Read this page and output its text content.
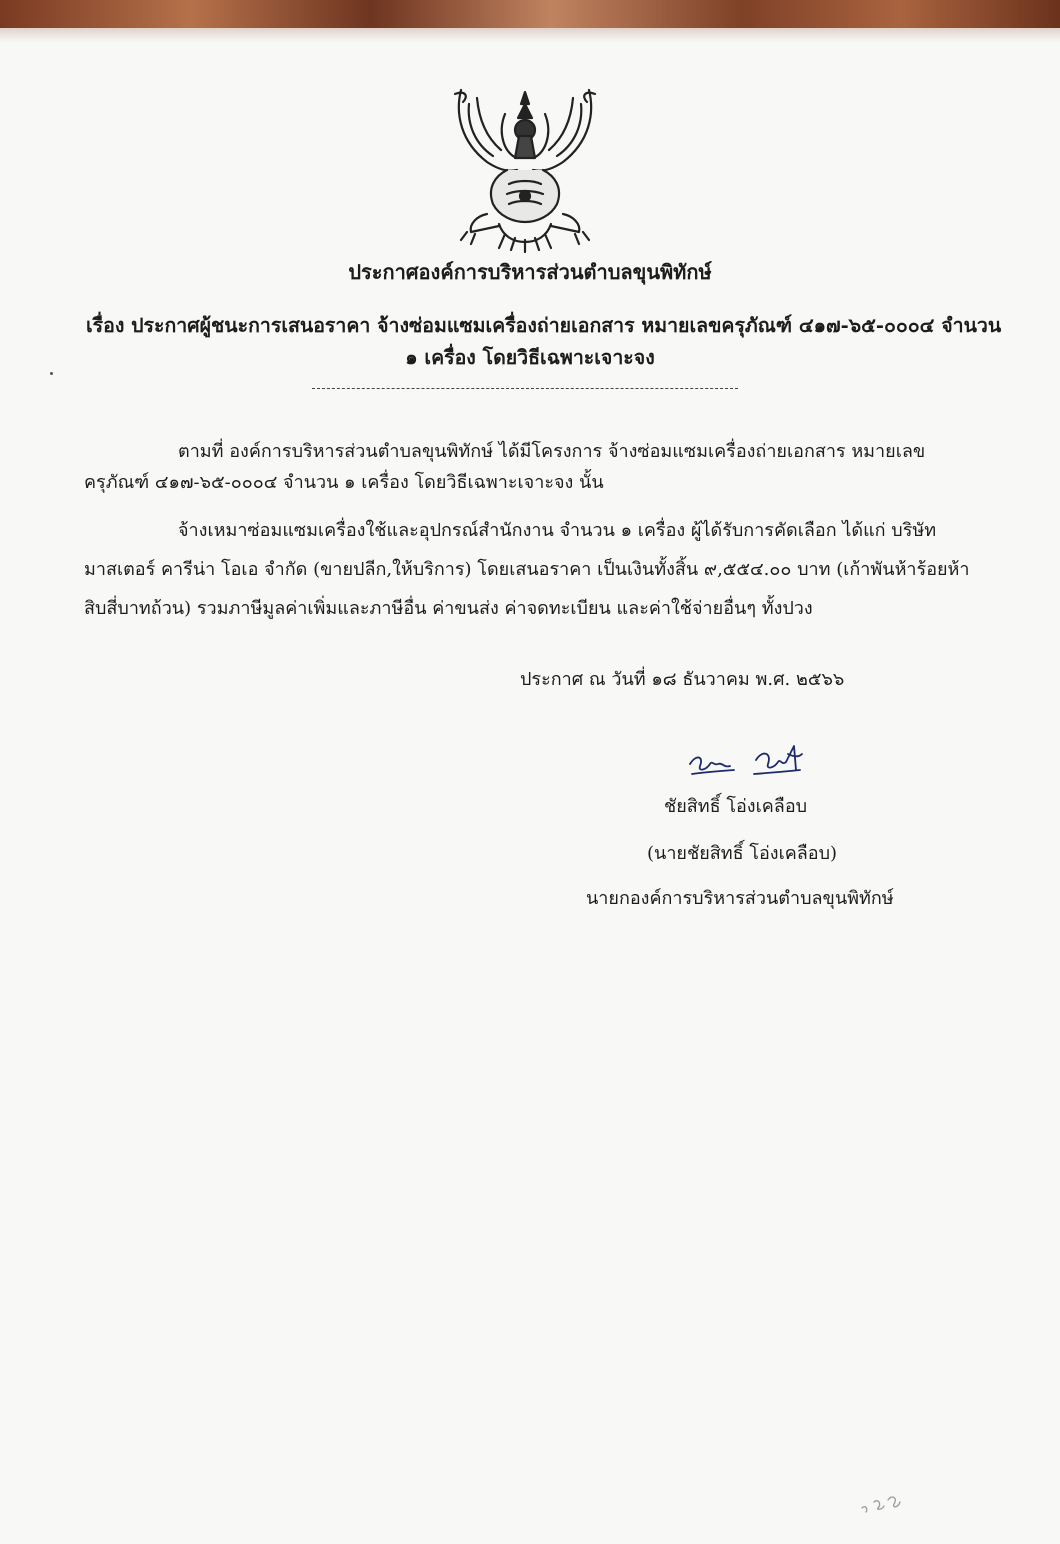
ประกาศองค์การบริหารส่วนตำบลขุนพิทักษ์
เรื่อง ประกาศผู้ชนะการเสนอราคา จ้างซ่อมแซมเครื่องถ่ายเอกสาร หมายเลขครุภัณฑ์ ๔๑๗-๖๕-๐๐๐๔ จำนวน
๑ เครื่อง โดยวิธีเฉพาะเจาะจง
ตามที่ องค์การบริหารส่วนตำบลขุนพิทักษ์ ได้มีโครงการ จ้างซ่อมแซมเครื่องถ่ายเอกสาร หมายเลข
ครุภัณฑ์ ๔๑๗-๖๕-๐๐๐๔ จำนวน ๑ เครื่อง โดยวิธีเฉพาะเจาะจง นั้น
จ้างเหมาซ่อมแซมเครื่องใช้และอุปกรณ์สำนักงาน จำนวน ๑ เครื่อง ผู้ได้รับการคัดเลือก ได้แก่ บริษัท
มาสเตอร์ คารีน่า โอเอ จำกัด (ขายปลีก,ให้บริการ) โดยเสนอราคา เป็นเงินทั้งสิ้น ๙,๕๕๔.๐๐ บาท (เก้าพันห้าร้อยห้า
สิบสี่บาทถ้วน) รวมภาษีมูลค่าเพิ่มและภาษีอื่น ค่าขนส่ง ค่าจดทะเบียน และค่าใช้จ่ายอื่นๆ ทั้งปวง
ประกาศ ณ วันที่ ๑๘ ธันวาคม พ.ศ. ๒๕๖๖
ชัยสิทธิ์ โอ่งเคลือบ
(นายชัยสิทธิ์ โอ่งเคลือบ)
นายกองค์การบริหารส่วนตำบลขุนพิทักษ์
